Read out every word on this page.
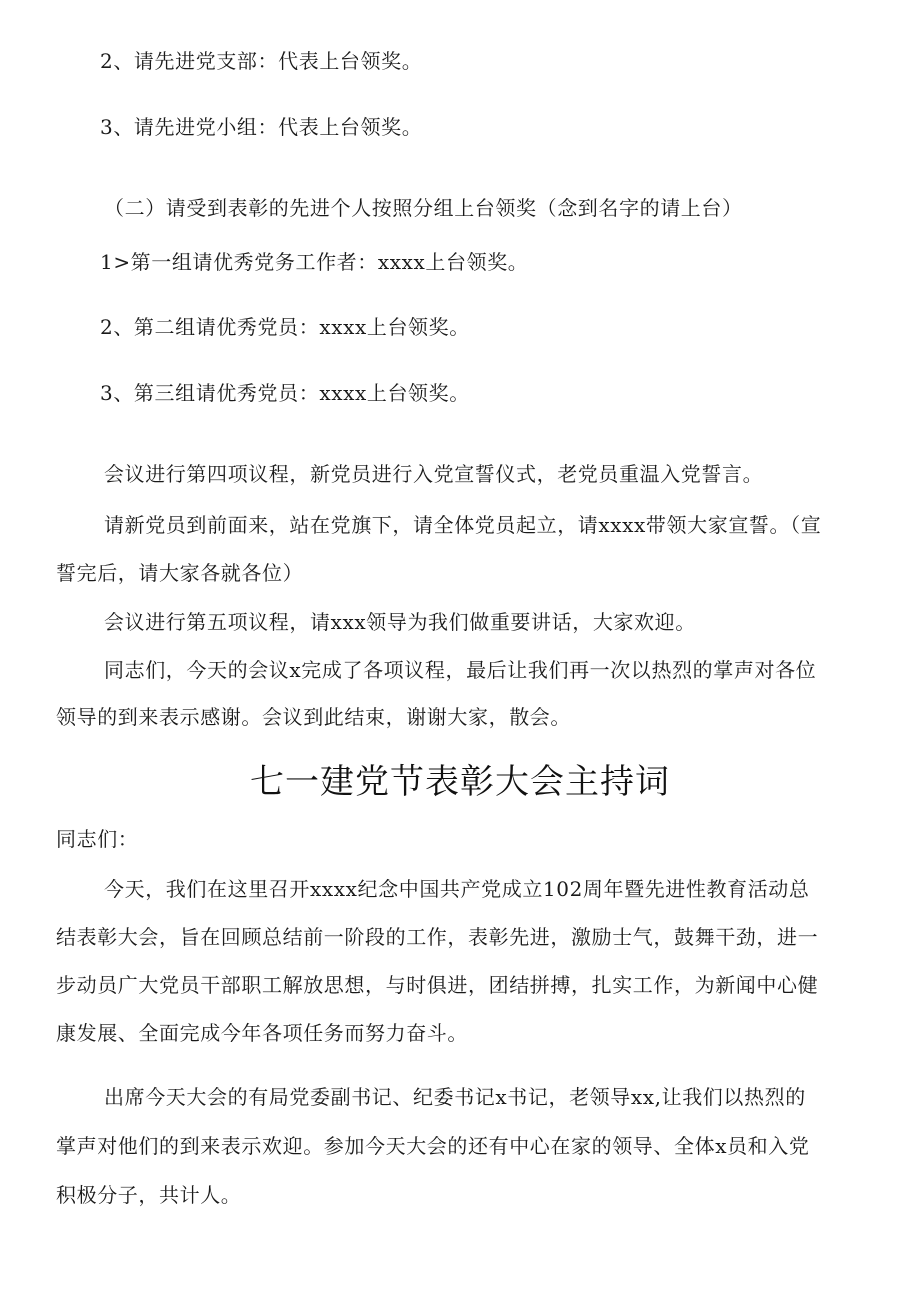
2、请先进党支部：代表上台领奖。
3、请先进党小组：代表上台领奖。
（二）请受到表彰的先进个人按照分组上台领奖（念到名字的请上台）
1>第一组请优秀党务工作者：xxxx上台领奖。
2、第二组请优秀党员：xxxx上台领奖。
3、第三组请优秀党员：xxxx上台领奖。
会议进行第四项议程，新党员进行入党宣誓仪式，老党员重温入党誓言。
请新党员到前面来，站在党旗下，请全体党员起立，请xxxx带领大家宣誓。（宣
誓完后，请大家各就各位）
会议进行第五项议程，请xxx领导为我们做重要讲话，大家欢迎。
同志们，今天的会议x完成了各项议程，最后让我们再一次以热烈的掌声对各位
领导的到来表示感谢。会议到此结束，谢谢大家，散会。
七一建党节表彰大会主持词
同志们：
今天，我们在这里召开xxxx纪念中国共产党成立102周年暨先进性教育活动总
结表彰大会，旨在回顾总结前一阶段的工作，表彰先进，激励士气，鼓舞干劲，进一
步动员广大党员干部职工解放思想，与时俱进，团结拼搏，扎实工作，为新闻中心健
康发展、全面完成今年各项任务而努力奋斗。
出席今天大会的有局党委副书记、纪委书记x书记，老领导xx,让我们以热烈的
掌声对他们的到来表示欢迎。参加今天大会的还有中心在家的领导、全体x员和入党
积极分子，共计人。
